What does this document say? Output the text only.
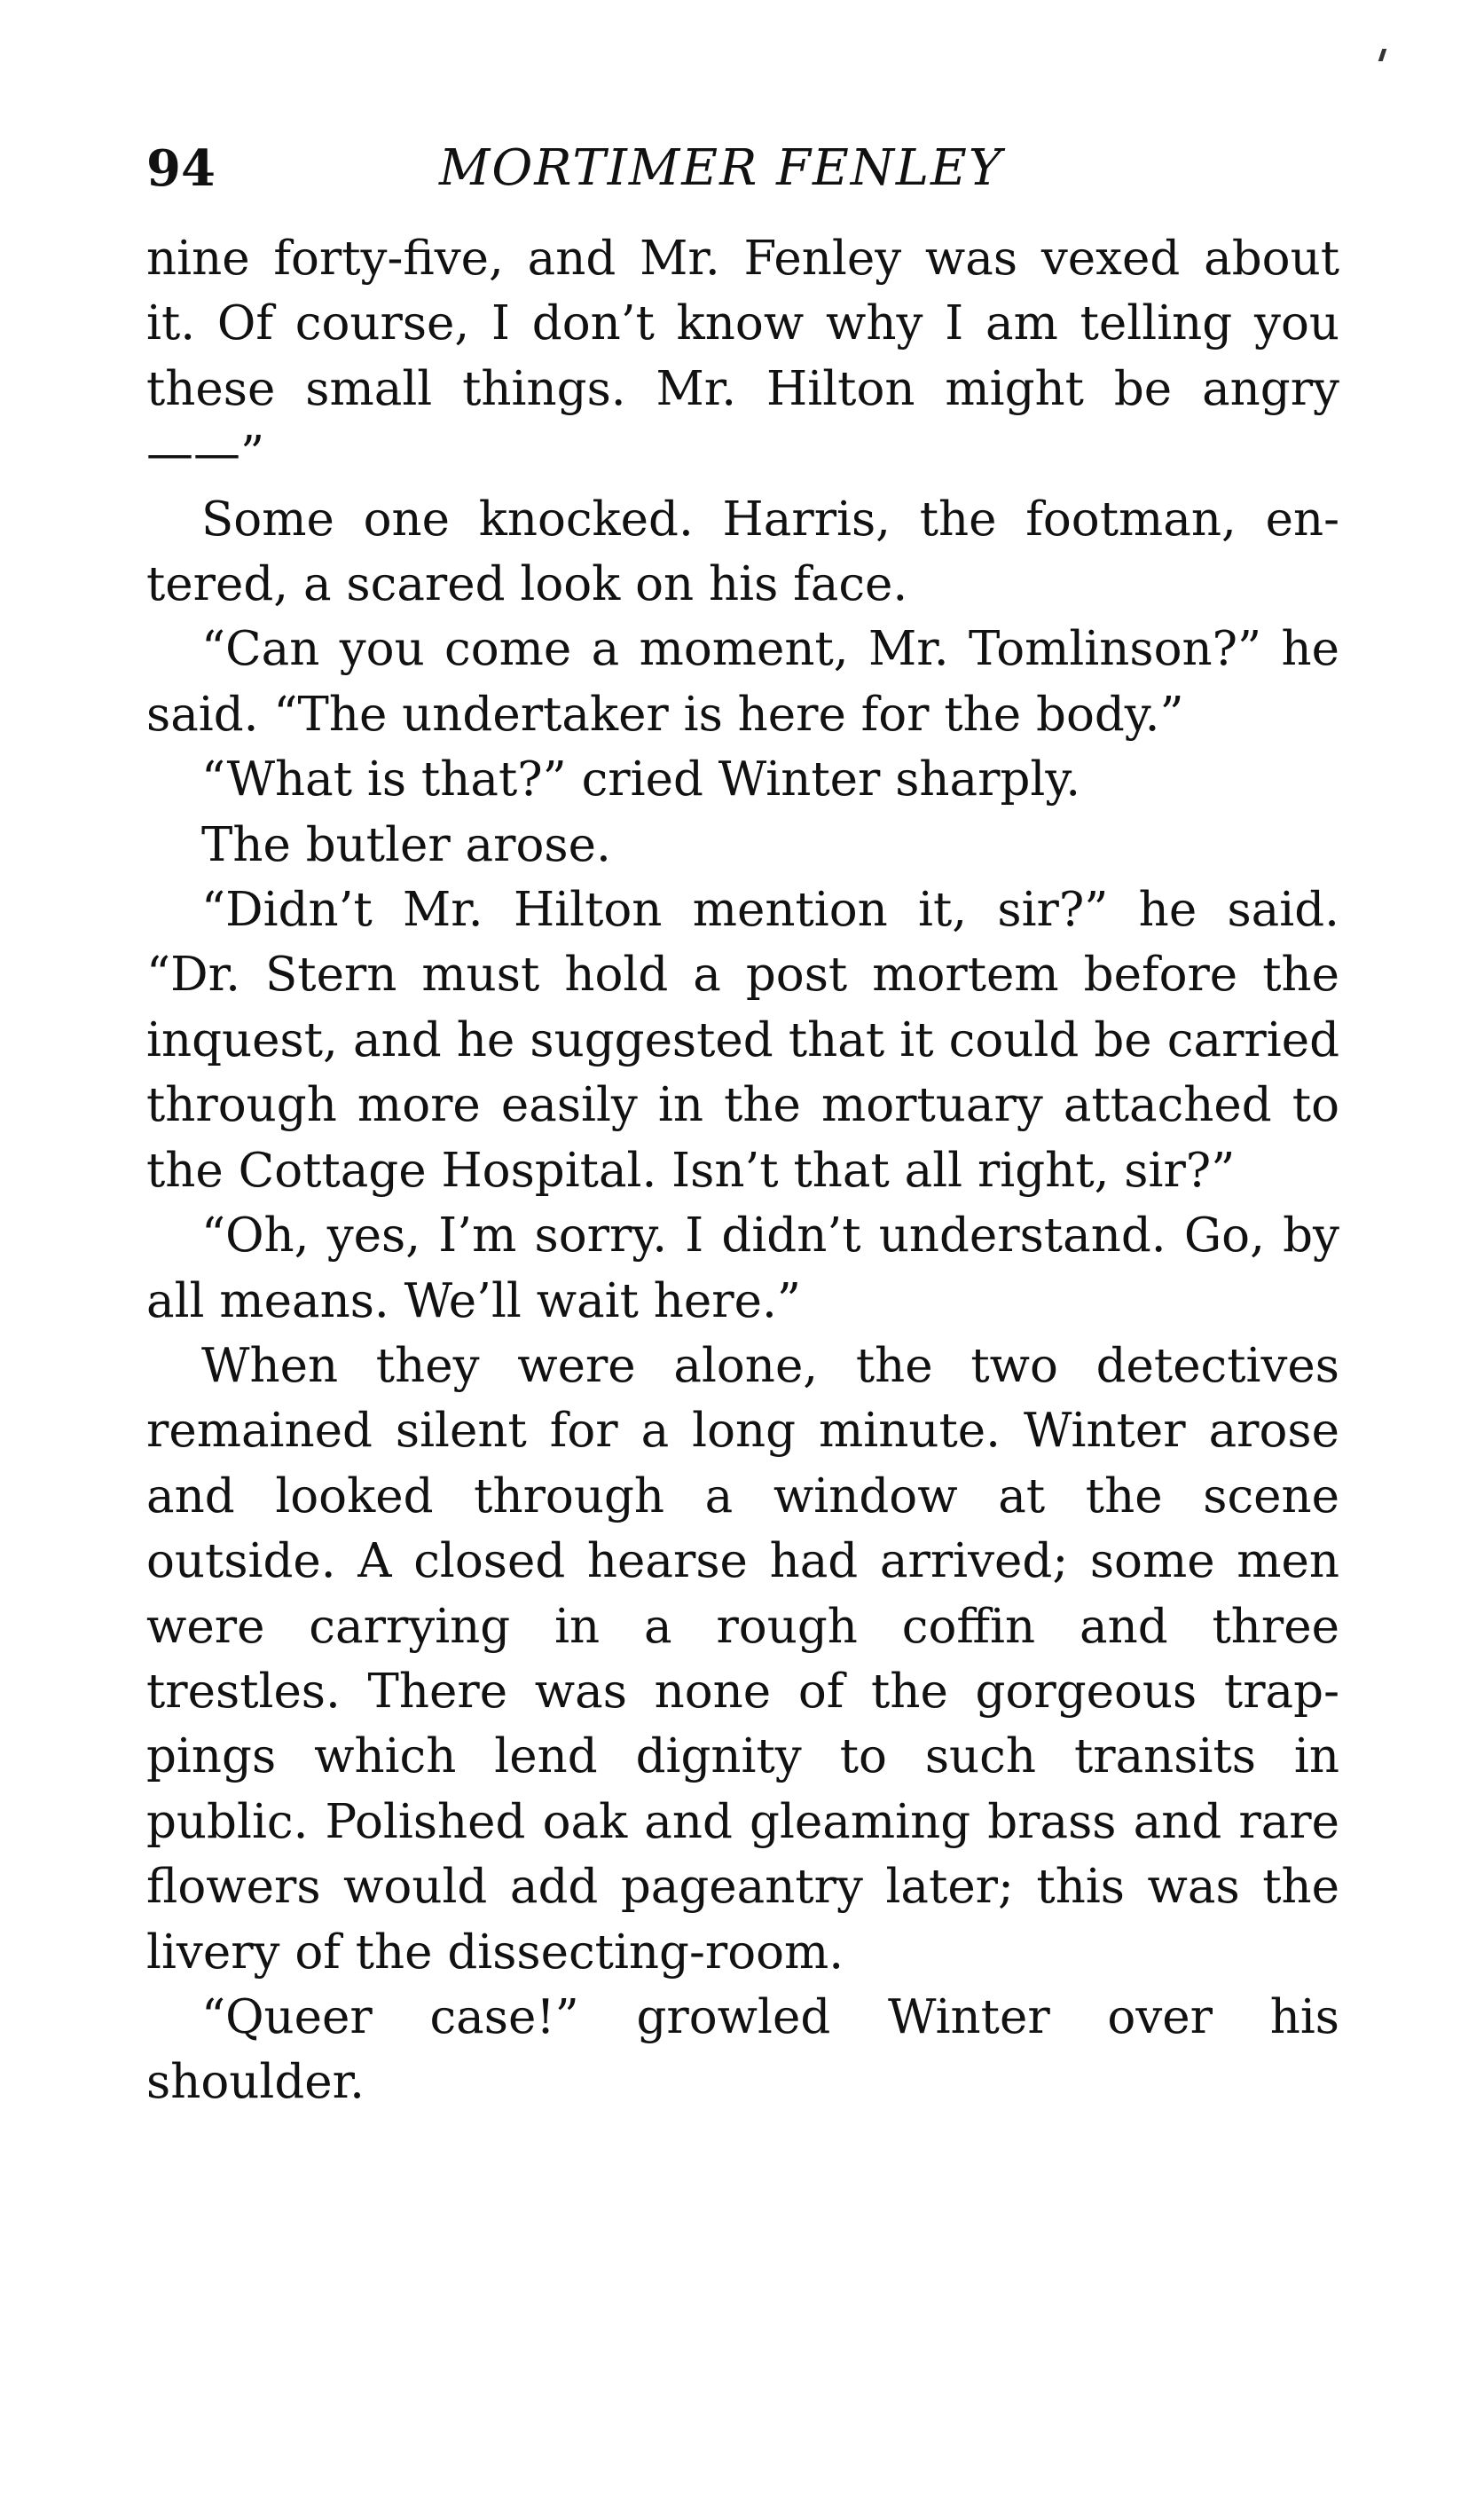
94	MORTIMER FENLEY

nine forty-five, and Mr. Fenley was vexed about it. Of course, I don’t know why I am telling you these small things. Mr. Hilton might be angry——”

Some one knocked. Harris, the footman, entered, a scared look on his face.

“Can you come a moment, Mr. Tomlinson?” he said. “The undertaker is here for the body.”

“What is that?” cried Winter sharply.

The butler arose.

“Didn’t Mr. Hilton mention it, sir?” he said. “Dr. Stern must hold a post mortem before the inquest, and he suggested that it could be carried through more easily in the mortuary attached to the Cottage Hospital. Isn’t that all right, sir?”

“Oh, yes, I’m sorry. I didn’t understand. Go, by all means. We’ll wait here.”

When they were alone, the two detectives remained silent for a long minute. Winter arose and looked through a window at the scene outside. A closed hearse had arrived; some men were carrying in a rough coffin and three trestles. There was none of the gorgeous trappings which lend dignity to such transits in public. Polished oak and gleaming brass and rare flowers would add pageantry later; this was the livery of the dissecting-room.

“Queer case!” growled Winter over his shoulder.
